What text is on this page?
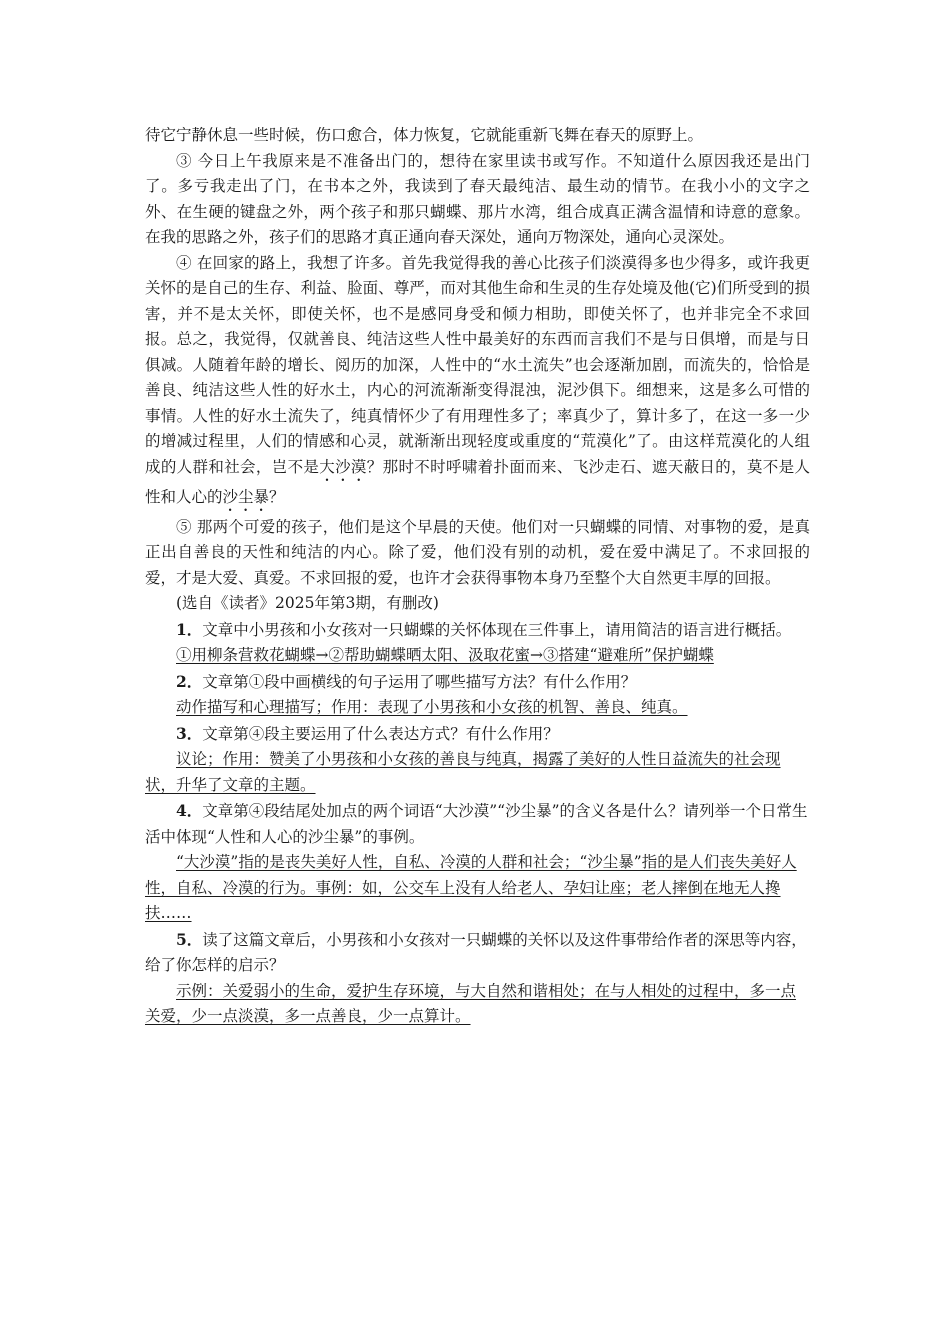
待它宁静休息一些时候，伤口愈合，体力恢复，它就能重新飞舞在春天的原野上。

③ 今日上午我原来是不准备出门的，想待在家里读书或写作。不知道什么原因我还是出门了。多亏我走出了门，在书本之外，我读到了春天最纯洁、最生动的情节。在我小小的文字之外、在生硬的键盘之外，两个孩子和那只蝴蝶、那片水湾，组合成真正满含温情和诗意的意象。在我的思路之外，孩子们的思路才真正通向春天深处，通向万物深处，通向心灵深处。

④ 在回家的路上，我想了许多。首先我觉得我的善心比孩子们淡漠得多也少得多，或许我更关怀的是自己的生存、利益、脸面、尊严，而对其他生命和生灵的生存处境及他(它)们所受到的损害，并不是太关怀，即使关怀，也不是感同身受和倾力相助，即使关怀了，也并非完全不求回报。总之，我觉得，仅就善良、纯洁这些人性中最美好的东西而言我们不是与日俱增，而是与日俱减。人随着年龄的增长、阅历的加深，人性中的“水土流失”也会逐渐加剧，而流失的，恰恰是善良、纯洁这些人性的好水土，内心的河流渐渐变得混浊，泥沙俱下。细想来，这是多么可惜的事情。人性的好水土流失了，纯真情怀少了有用理性多了；率真少了，算计多了，在这一多一少的增减过程里，人们的情感和心灵，就渐渐出现轻度或重度的“荒漠化”了。由这样荒漠化的人组成的人群和社会，岂不是大沙漠？那时不时呼啸着扑面而来、飞沙走石、遮天蔽日的，莫不是人性和人心的沙尘暴？

⑤ 那两个可爱的孩子，他们是这个早晨的天使。他们对一只蝴蝶的同情、对事物的爱，是真正出自善良的天性和纯洁的内心。除了爱，他们没有别的动机，爱在爱中满足了。不求回报的爱，才是大爱、真爱。不求回报的爱，也许才会获得事物本身乃至整个大自然更丰厚的回报。

(选自《读者》2025年第3期，有删改)

1．文章中小男孩和小女孩对一只蝴蝶的关怀体现在三件事上，请用简洁的语言进行概括。

①用柳条营救花蝴蝶→②帮助蝴蝶晒太阳、汲取花蜜→③搭建“避难所”保护蝴蝶

2．文章第①段中画横线的句子运用了哪些描写方法？有什么作用？

动作描写和心理描写；作用：表现了小男孩和小女孩的机智、善良、纯真。

3．文章第④段主要运用了什么表达方式？有什么作用？

议论；作用：赞美了小男孩和小女孩的善良与纯真，揭露了美好的人性日益流失的社会现状，升华了文章的主题。

4．文章第④段结尾处加点的两个词语“大沙漠”“沙尘暴”的含义各是什么？请列举一个日常生活中体现“人性和人心的沙尘暴”的事例。

“大沙漠”指的是丧失美好人性，自私、冷漠的人群和社会；“沙尘暴”指的是人们丧失美好人性，自私、冷漠的行为。事例：如，公交车上没有人给老人、孕妇让座；老人摔倒在地无人搀扶……

5．读了这篇文章后，小男孩和小女孩对一只蝴蝶的关怀以及这件事带给作者的深思等内容，给了你怎样的启示？

示例：关爱弱小的生命，爱护生存环境，与大自然和谐相处；在与人相处的过程中，多一点关爱，少一点淡漠，多一点善良，少一点算计。
